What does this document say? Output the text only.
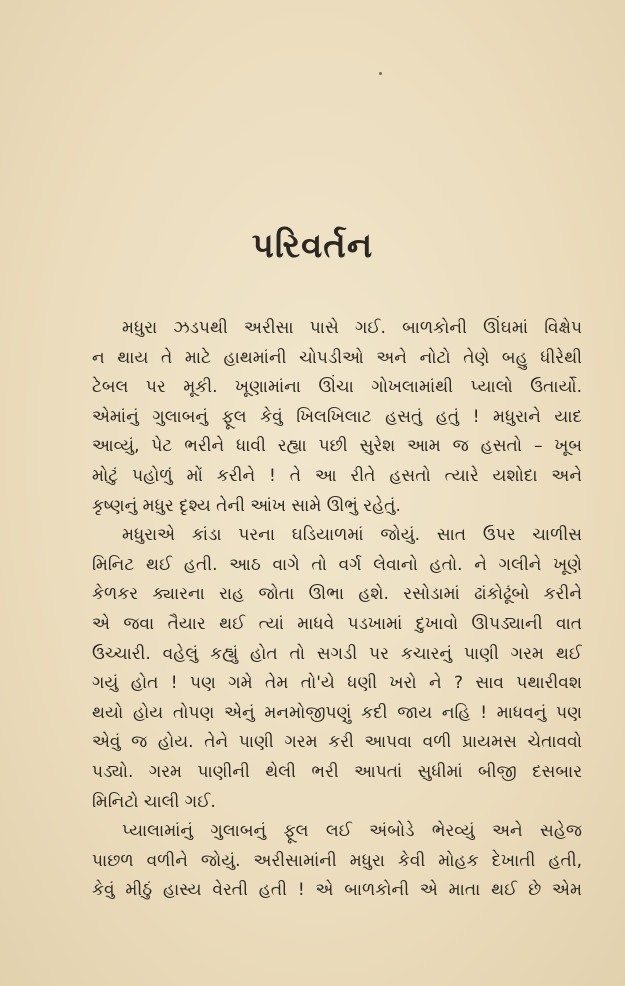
પરિવર્તન
મધુરા ઝડપથી અરીસા પાસે ગઈ. બાળકોની ઊંઘમાં વિક્ષેપ
ન થાય તે માટે હાથમાંની ચોપડીઓ અને નોટો તેણે બહુ ધીરેથી
ટેબલ પર મૂકી. ખૂણામાંના ઊંચા ગોખલામાંથી પ્યાલો ઉતાર્યો.
એમાંનું ગુલાબનું ફૂલ કેવું ખિલખિલાટ હસતું હતું ! મધુરાને યાદ
આવ્યું, પેટ ભરીને ધાવી રહ્યા પછી સુરેશ આમ જ હસતો – ખૂબ
મોટું પહોળું મોં કરીને ! તે આ રીતે હસતો ત્યારે યશોદા અને
કૃષ્ણનું મધુર દૃશ્ય તેની આંખ સામે ઊભું રહેતું.
મધુરાએ કાંડા પરના ઘડિયાળમાં જોયું. સાત ઉપર ચાળીસ
મિનિટ થઈ હતી. આઠ વાગે તો વર્ગ લેવાનો હતો. ને ગલીને ખૂણે
કેળકર ક્યારના રાહ જોતા ઊભા હશે. રસોડામાં ઢાંકોઢૂંબો કરીને
એ જવા તૈયાર થઈ ત્યાં માધવે પડખામાં દુખાવો ઊપડ્યાની વાત
ઉચ્ચારી. વહેલું કહ્યું હોત તો સગડી પર કચારનું પાણી ગરમ થઈ
ગયું હોત ! પણ ગમે તેમ તો'યે ધણી ખરો ને ? સાવ પથારીવશ
થયો હોય તોપણ એનું મનમોજીપણું કદી જાય નહિ ! માધવનું પણ
એવું જ હોય. તેને પાણી ગરમ કરી આપવા વળી પ્રાયમસ ચેતાવવો
પડ્યો. ગરમ પાણીની થેલી ભરી આપતાં સુધીમાં બીજી દસબાર
મિનિટો ચાલી ગઈ.
પ્યાલામાંનું ગુલાબનું ફૂલ લઈ અંબોડે ભેરવ્યું અને સહેજ
પાછળ વળીને જોયું. અરીસામાંની મધુરા કેવી મોહક દેખાતી હતી,
કેવું મીઠું હાસ્ય વેરતી હતી ! એ બાળકોની એ માતા થઈ છે એમ
